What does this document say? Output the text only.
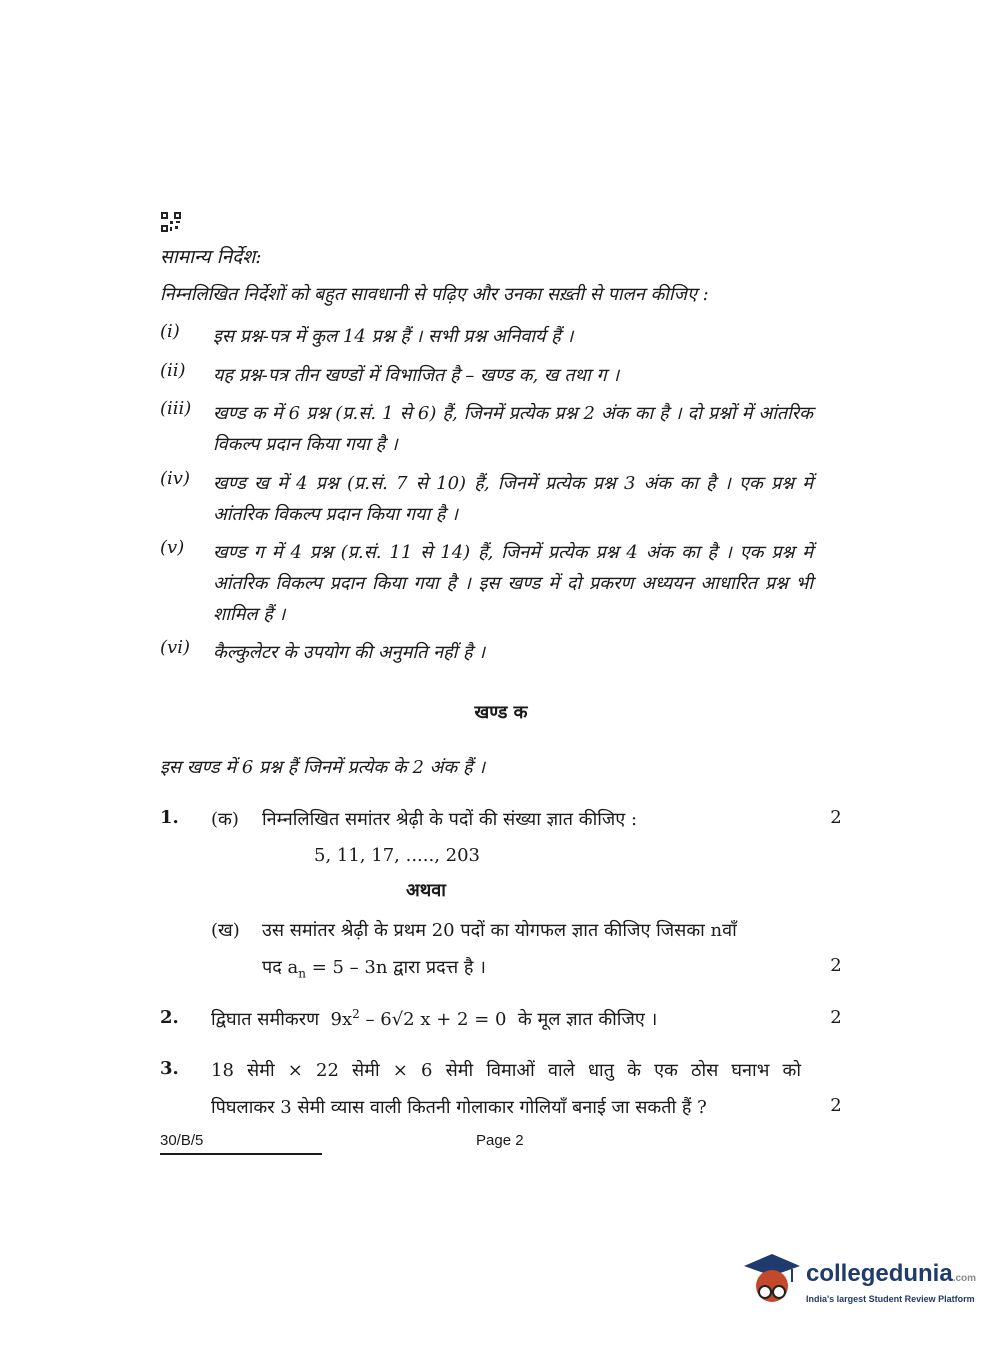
सामान्य निर्देश:
निम्नलिखित निर्देशों को बहुत सावधानी से पढ़िए और उनका सख़्ती से पालन कीजिए :
(i)	इस प्रश्न-पत्र में कुल 14 प्रश्न हैं । सभी प्रश्न अनिवार्य हैं ।
(ii)	यह प्रश्न-पत्र तीन खण्डों में विभाजित है – खण्ड क, ख तथा ग ।
(iii)	खण्ड क में 6 प्रश्न (प्र.सं. 1 से 6) हैं, जिनमें प्रत्येक प्रश्न 2 अंक का है । दो प्रश्नों में आंतरिक विकल्प प्रदान किया गया है ।
(iv)	खण्ड ख में 4 प्रश्न (प्र.सं. 7 से 10) हैं, जिनमें प्रत्येक प्रश्न 3 अंक का है । एक प्रश्न में आंतरिक विकल्प प्रदान किया गया है ।
(v)	खण्ड ग में 4 प्रश्न (प्र.सं. 11 से 14) हैं, जिनमें प्रत्येक प्रश्न 4 अंक का है । एक प्रश्न में आंतरिक विकल्प प्रदान किया गया है । इस खण्ड में दो प्रकरण अध्ययन आधारित प्रश्न भी शामिल हैं ।
(vi)	कैल्कुलेटर के उपयोग की अनुमति नहीं है ।
खण्ड क
इस खण्ड में 6 प्रश्न हैं जिनमें प्रत्येक के 2 अंक हैं ।
1. (क) निम्नलिखित समांतर श्रेढ़ी के पदों की संख्या ज्ञात कीजिए :	2
5, 11, 17, ....., 203
अथवा
(ख) उस समांतर श्रेढ़ी के प्रथम 20 पदों का योगफल ज्ञात कीजिए जिसका nवाँ
पद $a_n = 5 - 3n$ द्वारा प्रदत्त है ।	2
2. द्विघात समीकरण $9x^2 - 6√2$ x + 2 = 0 के मूल ज्ञात कीजिए ।	2
3. 18 सेमी × 22 सेमी × 6 सेमी विमाओं वाले धातु के एक ठोस घनाभ को
पिघलाकर 3 सेमी व्यास वाली कितनी गोलाकार गोलियाँ बनाई जा सकती हैं ?	2
30/B/5	Page 2
collegedunia.com
India's largest Student Review Platform
